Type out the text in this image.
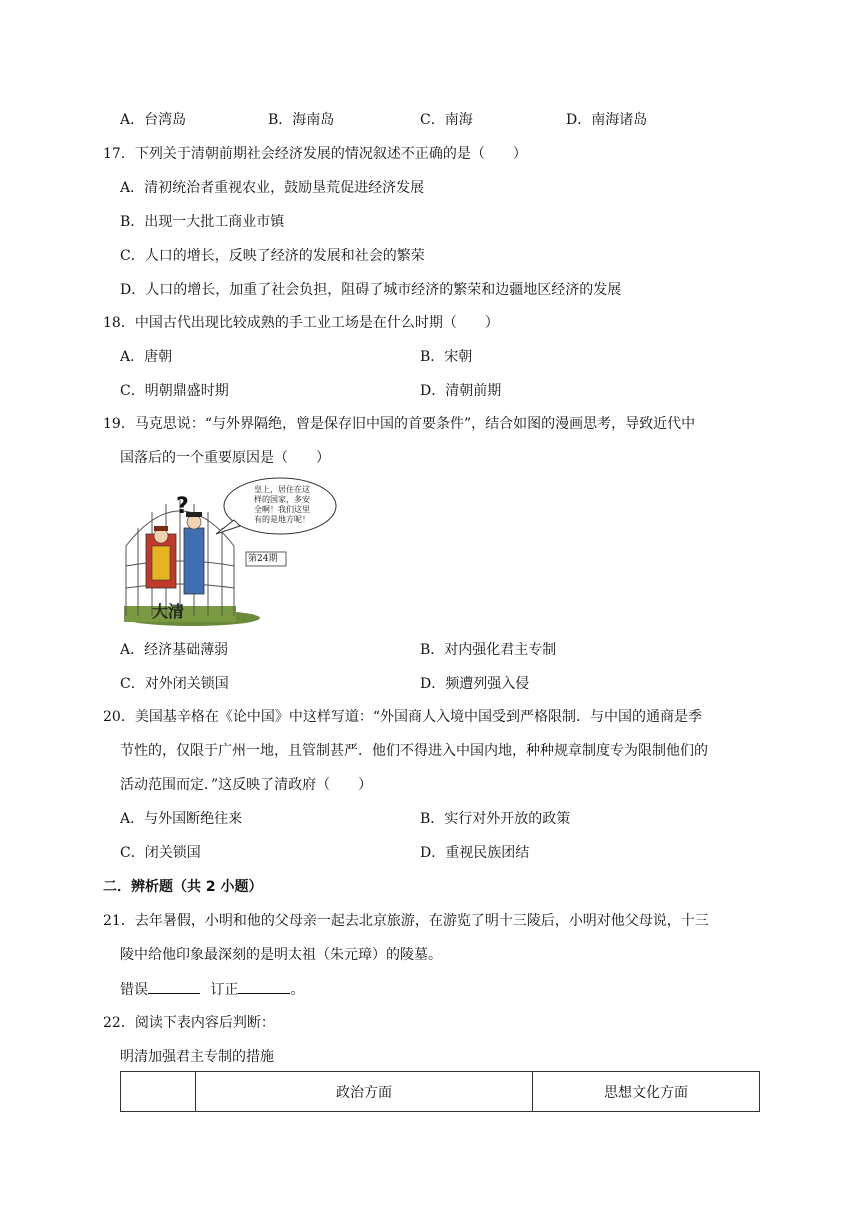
A．台湾岛	B．海南岛	C．南海	D．南海诸岛
17．下列关于清朝前期社会经济发展的情况叙述不正确的是（　　）
A．清初统治者重视农业，鼓励垦荒促进经济发展
B．出现一大批工商业市镇
C．人口的增长，反映了经济的发展和社会的繁荣
D．人口的增长，加重了社会负担，阻碍了城市经济的繁荣和边疆地区经济的发展
18．中国古代出现比较成熟的手工业工场是在什么时期（　　）
A．唐朝	B．宋朝
C．明朝鼎盛时期	D．清朝前期
19．马克思说：“与外界隔绝，曾是保存旧中国的首要条件”，结合如图的漫画思考，导致近代中
国落后的一个重要原因是（　　）
?
第24期
大清
皇上，居住在这
样的国家，多安
全啊！我们这里
有的是地方呢！
A．经济基础薄弱	B．对内强化君主专制
C．对外闭关锁国	D．频遭列强入侵
20．美国基辛格在《论中国》中这样写道：“外国商人入境中国受到严格限制．与中国的通商是季
节性的，仅限于广州一地，且管制甚严．他们不得进入中国内地，种种规章制度专为限制他们的
活动范围而定．”这反映了清政府（　　）
A．与外国断绝往来	B．实行对外开放的政策
C．闭关锁国	D．重视民族团结
二．辨析题（共 2 小题）
21．去年暑假，小明和他的父母亲一起去北京旅游，在游览了明十三陵后，小明对他父母说，十三
陵中给他印象最深刻的是明太祖（朱元璋）的陵墓。
错误	订正	。
22．阅读下表内容后判断：
明清加强君主专制的措施
	政治方面	思想文化方面
